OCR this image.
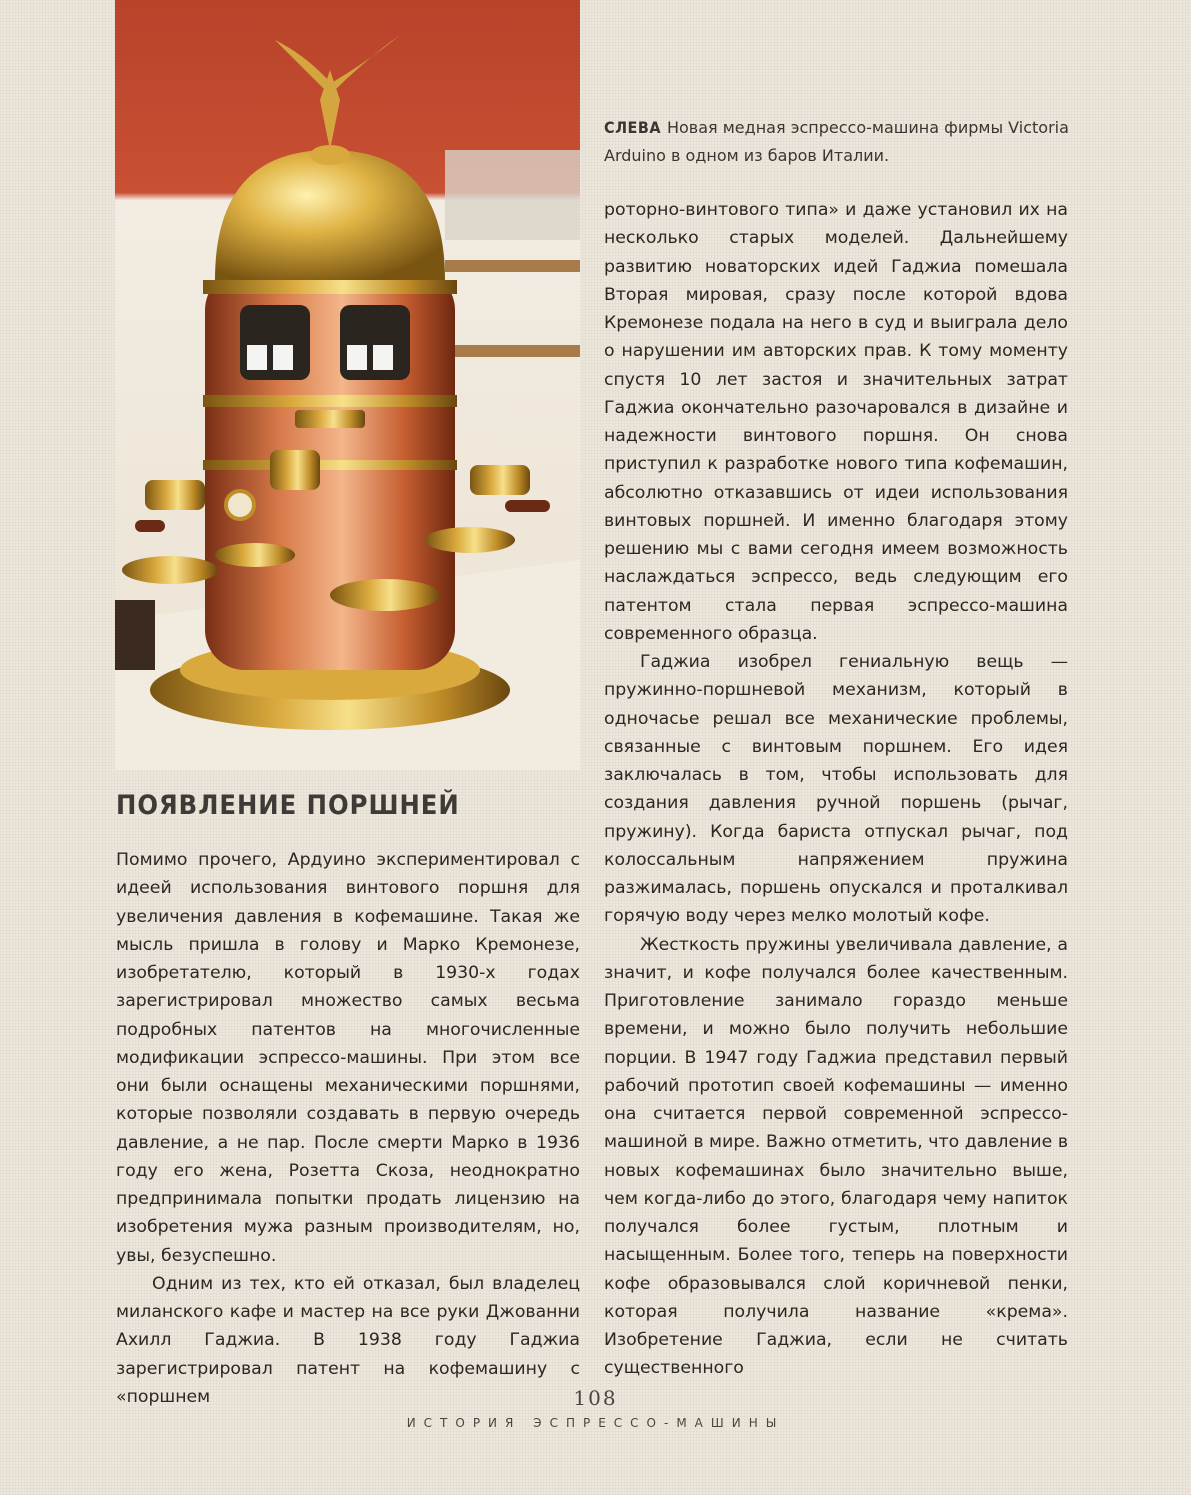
СЛЕВА Новая медная эспрессо-машина фирмы Victoria Arduino в одном из баров Италии.
ПОЯВЛЕНИЕ ПОРШНЕЙ

Помимо прочего, Ардуино экспериментировал с идеей использования винтового поршня для увеличения давления в кофемашине. Такая же мысль пришла в голову и Марко Кремонезе, изобретателю, который в 1930-х годах зарегистрировал множество самых весьма подробных патентов на многочисленные модификации эспрессо-машины. При этом все они были оснащены механическими поршнями, которые позволяли создавать в первую очередь давление, а не пар. После смерти Марко в 1936 году его жена, Розетта Скоза, неоднократно предпринимала попытки продать лицензию на изобретения мужа разным производителям, но, увы, безуспешно.

Одним из тех, кто ей отказал, был владелец миланского кафе и мастер на все руки Джованни Ахилл Гаджиа. В 1938 году Гаджиа зарегистрировал патент на кофемашину с «поршнем

роторно-винтового типа» и даже установил их на несколько старых моделей. Дальнейшему развитию новаторских идей Гаджиа помешала Вторая мировая, сразу после которой вдова Кремонезе подала на него в суд и выиграла дело о нарушении им авторских прав. К тому моменту спустя 10 лет застоя и значительных затрат Гаджиа окончательно разочаровался в дизайне и надежности винтового поршня. Он снова приступил к разработке нового типа кофемашин, абсолютно отказавшись от идеи использования винтовых поршней. И именно благодаря этому решению мы с вами сегодня имеем возможность наслаждаться эспрессо, ведь следующим его патентом стала первая эспрессо-машина современного образца.

Гаджиа изобрел гениальную вещь — пружинно-поршневой механизм, который в одночасье решал все механические проблемы, связанные с винтовым поршнем. Его идея заключалась в том, чтобы использовать для создания давления ручной поршень (рычаг, пружину). Когда бариста отпускал рычаг, под колоссальным напряжением пружина разжималась, поршень опускался и проталкивал горячую воду через мелко молотый кофе.

Жесткость пружины увеличивала давление, а значит, и кофе получался более качественным. Приготовление занимало гораздо меньше времени, и можно было получить небольшие порции. В 1947 году Гаджиа представил первый рабочий прототип своей кофемашины — именно она считается первой современной эспрессо-машиной в мире. Важно отметить, что давление в новых кофемашинах было значительно выше, чем когда-либо до этого, благодаря чему напиток получался более густым, плотным и насыщенным. Более того, теперь на поверхности кофе образовывался слой коричневой пенки, которая получила название «крема». Изобретение Гаджиа, если не считать существенного

108
ИСТОРИЯ ЭСПРЕССО-МАШИНЫ
